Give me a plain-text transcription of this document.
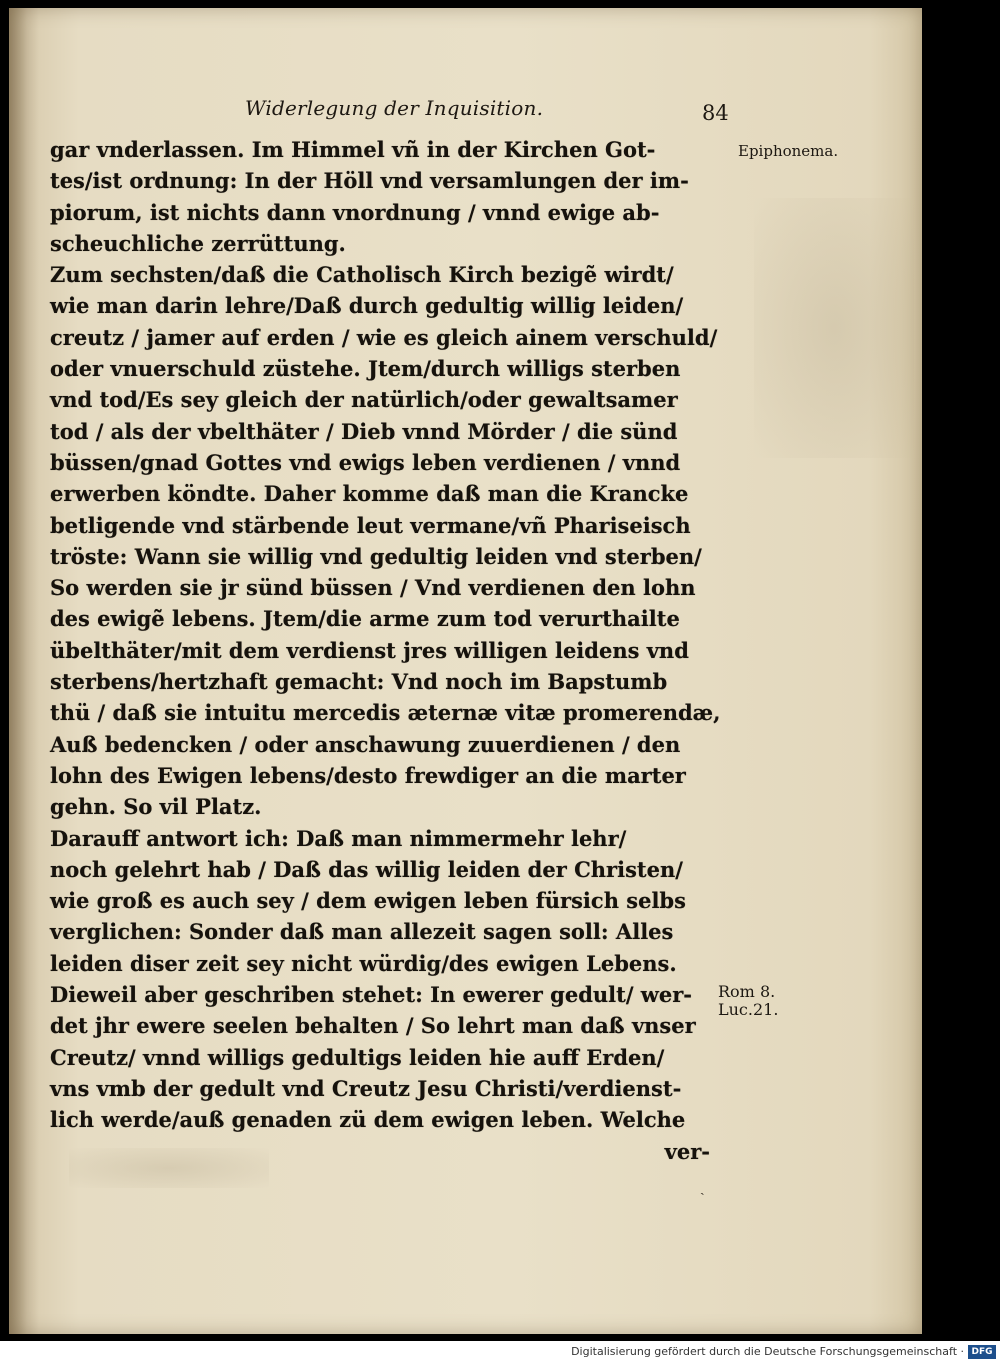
Widerlegung der Inquisition.	84
Epiphonema.
Rom 8.
Luc.21.
gar vnderlassen. Im Himmel vñ in der Kirchen Got-
tes/ist ordnung: In der Höll vnd versamlungen der im-
piorum, ist nichts dann vnordnung / vnnd ewige ab-
scheuchliche zerrüttung.
Zum sechsten/daß die Catholisch Kirch bezigẽ wirdt/
wie man darin lehre/Daß durch gedultig willig leiden/
creutz / jamer auf erden / wie es gleich ainem verschuld/
oder vnuerschuld züstehe. Jtem/durch willigs sterben
vnd tod/Es sey gleich der natürlich/oder gewaltsamer
tod / als der vbelthäter / Dieb vnnd Mörder / die sünd
büssen/gnad Gottes vnd ewigs leben verdienen / vnnd
erwerben köndte. Daher komme daß man die Krancke
betligende vnd stärbende leut vermane/vñ Phariseisch
tröste: Wann sie willig vnd gedultig leiden vnd sterben/
So werden sie jr sünd büssen / Vnd verdienen den lohn
des ewigẽ lebens. Jtem/die arme zum tod verurthailte
übelthäter/mit dem verdienst jres willigen leidens vnd
sterbens/hertzhaft gemacht: Vnd noch im Bapstumb
thü / daß sie intuitu mercedis æternæ vitæ promerendæ,
Auß bedencken / oder anschawung zuuerdienen / den
lohn des Ewigen lebens/desto frewdiger an die marter
gehn. So vil Platz.
Darauff antwort ich: Daß man nimmermehr lehr/
noch gelehrt hab / Daß das willig leiden der Christen/
wie groß es auch sey / dem ewigen leben fürsich selbs
verglichen: Sonder daß man allezeit sagen soll: Alles
leiden diser zeit sey nicht würdig/des ewigen Lebens.
Dieweil aber geschriben stehet: In ewerer gedult/ wer-
det jhr ewere seelen behalten / So lehrt man daß vnser
Creutz/ vnnd willigs gedultigs leiden hie auff Erden/
vns vmb der gedult vnd Creutz Jesu Christi/verdienst-
lich werde/auß genaden zü dem ewigen leben. Welche
ver-
ˏ
Digitalisierung gefördert durch die Deutsche Forschungsgemeinschaft · DFG
